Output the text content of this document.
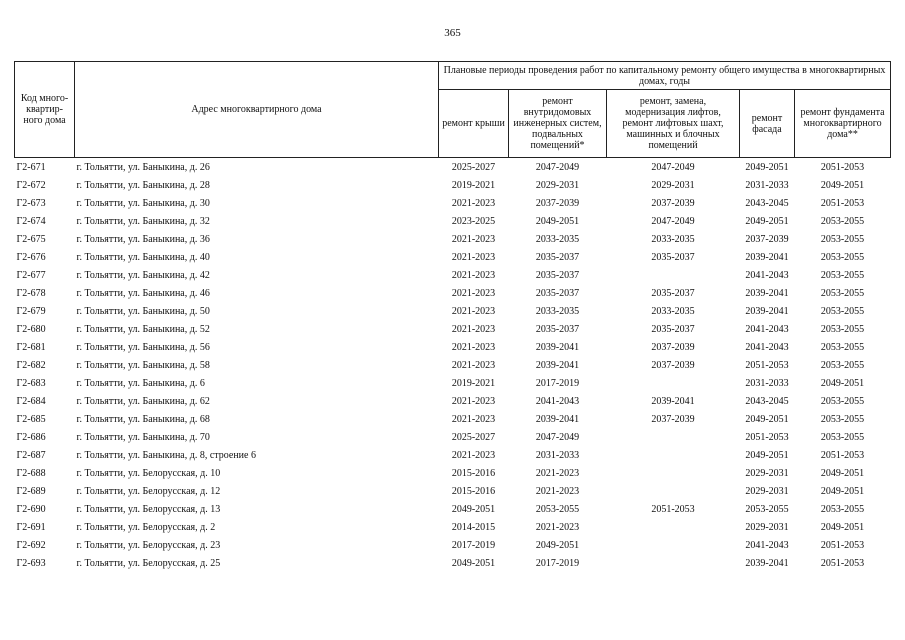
365
Код много-квартир-ного дома	Адрес многоквартирного дома	Плановые периоды проведения работ по капитальному ремонту общего имущества в многоквартирных домах, годы				
		ремонт крыши	ремонт внутридомовых инженерных систем, подвальных помещений*	ремонт, замена, модернизация лифтов, ремонт лифтовых шахт, машинных и блочных помещений	ремонт фасада	ремонт фундамента многоквартирного дома**
Г2-671	г. Тольятти, ул. Баныкина, д. 26	2025-2027	2047-2049	2047-2049	2049-2051	2051-2053
Г2-672	г. Тольятти, ул. Баныкина, д. 28	2019-2021	2029-2031	2029-2031	2031-2033	2049-2051
Г2-673	г. Тольятти, ул. Баныкина, д. 30	2021-2023	2037-2039	2037-2039	2043-2045	2051-2053
Г2-674	г. Тольятти, ул. Баныкина, д. 32	2023-2025	2049-2051	2047-2049	2049-2051	2053-2055
Г2-675	г. Тольятти, ул. Баныкина, д. 36	2021-2023	2033-2035	2033-2035	2037-2039	2053-2055
Г2-676	г. Тольятти, ул. Баныкина, д. 40	2021-2023	2035-2037	2035-2037	2039-2041	2053-2055
Г2-677	г. Тольятти, ул. Баныкина, д. 42	2021-2023	2035-2037		2041-2043	2053-2055
Г2-678	г. Тольятти, ул. Баныкина, д. 46	2021-2023	2035-2037	2035-2037	2039-2041	2053-2055
Г2-679	г. Тольятти, ул. Баныкина, д. 50	2021-2023	2033-2035	2033-2035	2039-2041	2053-2055
Г2-680	г. Тольятти, ул. Баныкина, д. 52	2021-2023	2035-2037	2035-2037	2041-2043	2053-2055
Г2-681	г. Тольятти, ул. Баныкина, д. 56	2021-2023	2039-2041	2037-2039	2041-2043	2053-2055
Г2-682	г. Тольятти, ул. Баныкина, д. 58	2021-2023	2039-2041	2037-2039	2051-2053	2053-2055
Г2-683	г. Тольятти, ул. Баныкина, д. 6	2019-2021	2017-2019		2031-2033	2049-2051
Г2-684	г. Тольятти, ул. Баныкина, д. 62	2021-2023	2041-2043	2039-2041	2043-2045	2053-2055
Г2-685	г. Тольятти, ул. Баныкина, д. 68	2021-2023	2039-2041	2037-2039	2049-2051	2053-2055
Г2-686	г. Тольятти, ул. Баныкина, д. 70	2025-2027	2047-2049		2051-2053	2053-2055
Г2-687	г. Тольятти, ул. Баныкина, д. 8, строение 6	2021-2023	2031-2033		2049-2051	2051-2053
Г2-688	г. Тольятти, ул. Белорусская, д. 10	2015-2016	2021-2023		2029-2031	2049-2051
Г2-689	г. Тольятти, ул. Белорусская, д. 12	2015-2016	2021-2023		2029-2031	2049-2051
Г2-690	г. Тольятти, ул. Белорусская, д. 13	2049-2051	2053-2055	2051-2053	2053-2055	2053-2055
Г2-691	г. Тольятти, ул. Белорусская, д. 2	2014-2015	2021-2023		2029-2031	2049-2051
Г2-692	г. Тольятти, ул. Белорусская, д. 23	2017-2019	2049-2051		2041-2043	2051-2053
Г2-693	г. Тольятти, ул. Белорусская, д. 25	2049-2051	2017-2019		2039-2041	2051-2053
